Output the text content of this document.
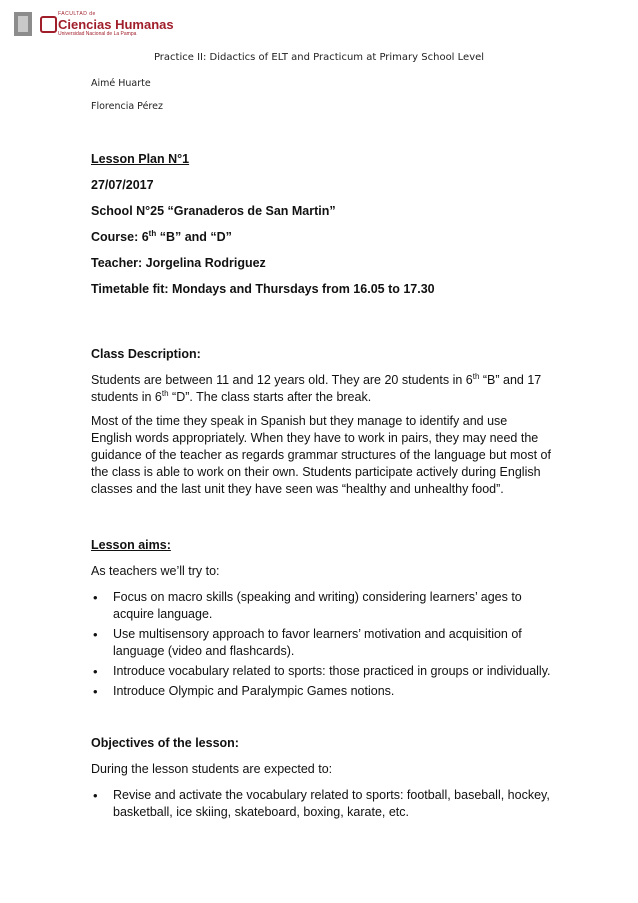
FACULTAD de
Ciencias Humanas
Universidad Nacional de La Pampa
Practice II: Didactics of ELT and Practicum at Primary School Level
Aimé Huarte
Florencia Pérez

Lesson Plan N°1

27/07/2017

School N°25 “Granaderos de San Martin”

Course: 6th “B” and “D”

Teacher: Jorgelina Rodriguez

Timetable fit: Mondays and Thursdays from 16.05 to 17.30

Class Description:

Students are between 11 and 12 years old. They are 20 students in 6th “B” and 17 students in 6th “D”. The class starts after the break.

Most of the time they speak in Spanish but they manage to identify and use English words appropriately. When they have to work in pairs, they may need the guidance of the teacher as regards grammar structures of the language but most of the class is able to work on their own. Students participate actively during English classes and the last unit they have seen was “healthy and unhealthy food”.

Lesson aims:

As teachers we’ll try to:

• Focus on macro skills (speaking and writing) considering learners’ ages to acquire language.
• Use multisensory approach to favor learners’ motivation and acquisition of language (video and flashcards).
• Introduce vocabulary related to sports: those practiced in groups or individually.
• Introduce Olympic and Paralympic Games notions.

Objectives of the lesson:

During the lesson students are expected to:

• Revise and activate the vocabulary related to sports: football, baseball, hockey, basketball, ice skiing, skateboard, boxing, karate, etc.
